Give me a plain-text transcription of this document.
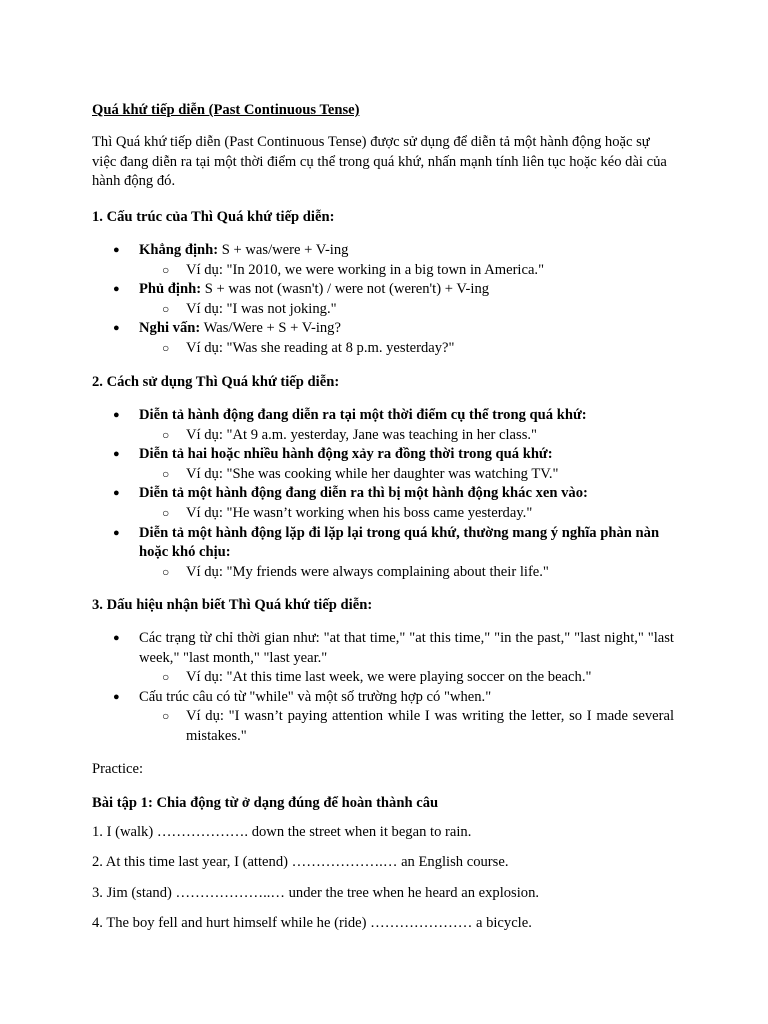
Quá khứ tiếp diễn (Past Continuous Tense)

Thì Quá khứ tiếp diễn (Past Continuous Tense) được sử dụng để diễn tả một hành động hoặc sự việc đang diễn ra tại một thời điểm cụ thể trong quá khứ, nhấn mạnh tính liên tục hoặc kéo dài của hành động đó.

1. Cấu trúc của Thì Quá khứ tiếp diễn:

● Khẳng định: S + was/were + V-ing
○ Ví dụ: "In 2010, we were working in a big town in America."
● Phủ định: S + was not (wasn't) / were not (weren't) + V-ing
○ Ví dụ: "I was not joking."
● Nghi vấn: Was/Were + S + V-ing?
○ Ví dụ: "Was she reading at 8 p.m. yesterday?"

2. Cách sử dụng Thì Quá khứ tiếp diễn:

● Diễn tả hành động đang diễn ra tại một thời điểm cụ thể trong quá khứ:
○ Ví dụ: "At 9 a.m. yesterday, Jane was teaching in her class."
● Diễn tả hai hoặc nhiều hành động xảy ra đồng thời trong quá khứ:
○ Ví dụ: "She was cooking while her daughter was watching TV."
● Diễn tả một hành động đang diễn ra thì bị một hành động khác xen vào:
○ Ví dụ: "He wasn’t working when his boss came yesterday."
● Diễn tả một hành động lặp đi lặp lại trong quá khứ, thường mang ý nghĩa phàn nàn hoặc khó chịu:
○ Ví dụ: "My friends were always complaining about their life."

3. Dấu hiệu nhận biết Thì Quá khứ tiếp diễn:

● Các trạng từ chỉ thời gian như: "at that time," "at this time," "in the past," "last night," "last week," "last month," "last year."
○ Ví dụ: "At this time last week, we were playing soccer on the beach."
● Cấu trúc câu có từ "while" và một số trường hợp có "when."
○ Ví dụ: "I wasn’t paying attention while I was writing the letter, so I made several mistakes."

Practice:

Bài tập 1: Chia động từ ở dạng đúng để hoàn thành câu

1. I (walk) ………………. down the street when it began to rain.

2. At this time last year, I (attend) ……………….… an English course.

3. Jim (stand) ………………..… under the tree when he heard an explosion.

4. The boy fell and hurt himself while he (ride) ………………… a bicycle.
